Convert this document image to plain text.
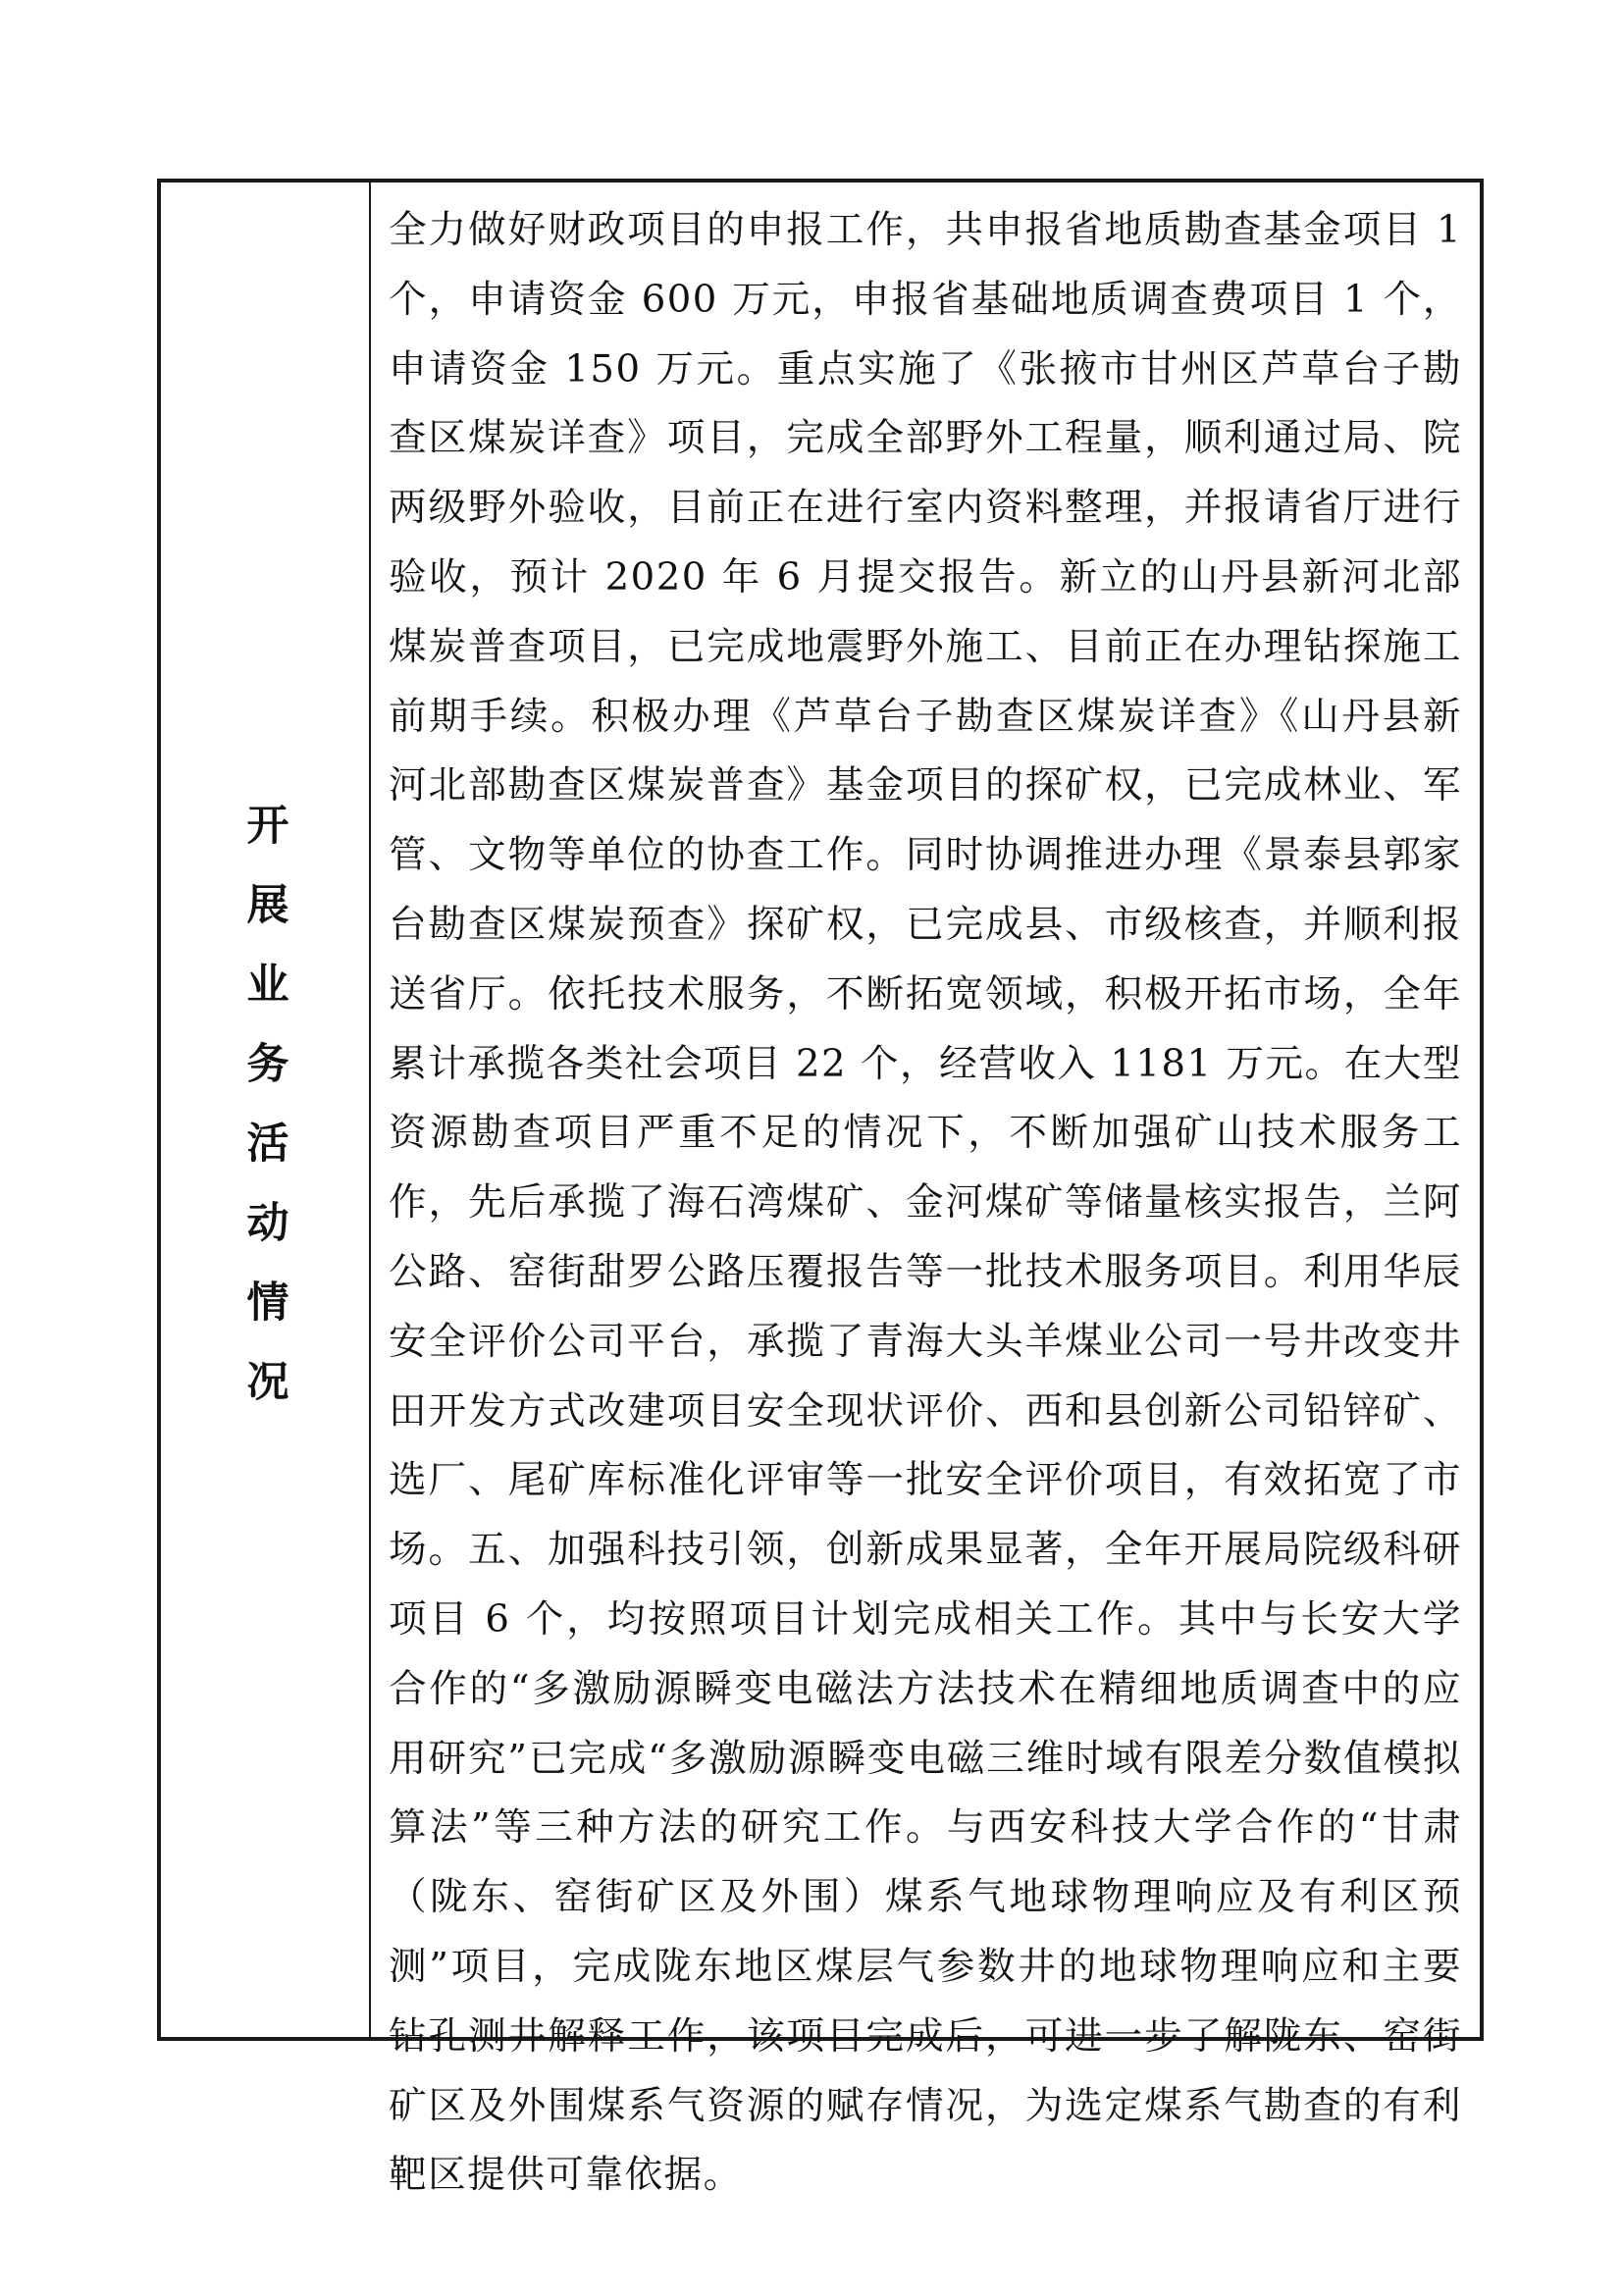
开展业务活动情况

全力做好财政项目的申报工作，共申报省地质勘查基金项目 1 个，申请资金 600 万元，申报省基础地质调查费项目 1 个，申请资金 150 万元。重点实施了《张掖市甘州区芦草台子勘查区煤炭详查》项目，完成全部野外工程量，顺利通过局、院两级野外验收，目前正在进行室内资料整理，并报请省厅进行验收，预计 2020 年 6 月提交报告。新立的山丹县新河北部煤炭普查项目，已完成地震野外施工、目前正在办理钻探施工前期手续。积极办理《芦草台子勘查区煤炭详查》《山丹县新河北部勘查区煤炭普查》基金项目的探矿权，已完成林业、军管、文物等单位的协查工作。同时协调推进办理《景泰县郭家台勘查区煤炭预查》探矿权，已完成县、市级核查，并顺利报送省厅。依托技术服务，不断拓宽领域，积极开拓市场，全年累计承揽各类社会项目 22 个，经营收入 1181 万元。在大型资源勘查项目严重不足的情况下，不断加强矿山技术服务工作，先后承揽了海石湾煤矿、金河煤矿等储量核实报告，兰阿公路、窑街甜罗公路压覆报告等一批技术服务项目。利用华辰安全评价公司平台，承揽了青海大头羊煤业公司一号井改变井田开发方式改建项目安全现状评价、西和县创新公司铅锌矿、选厂、尾矿库标准化评审等一批安全评价项目，有效拓宽了市场。五、加强科技引领，创新成果显著，全年开展局院级科研项目 6 个，均按照项目计划完成相关工作。其中与长安大学合作的“多激励源瞬变电磁法方法技术在精细地质调查中的应用研究”已完成“多激励源瞬变电磁三维时域有限差分数值模拟算法”等三种方法的研究工作。与西安科技大学合作的“甘肃（陇东、窑街矿区及外围）煤系气地球物理响应及有利区预测”项目，完成陇东地区煤层气参数井的地球物理响应和主要钻孔测井解释工作，该项目完成后，可进一步了解陇东、窑街矿区及外围煤系气资源的赋存情况，为选定煤系气勘查的有利靶区提供可靠依据。
